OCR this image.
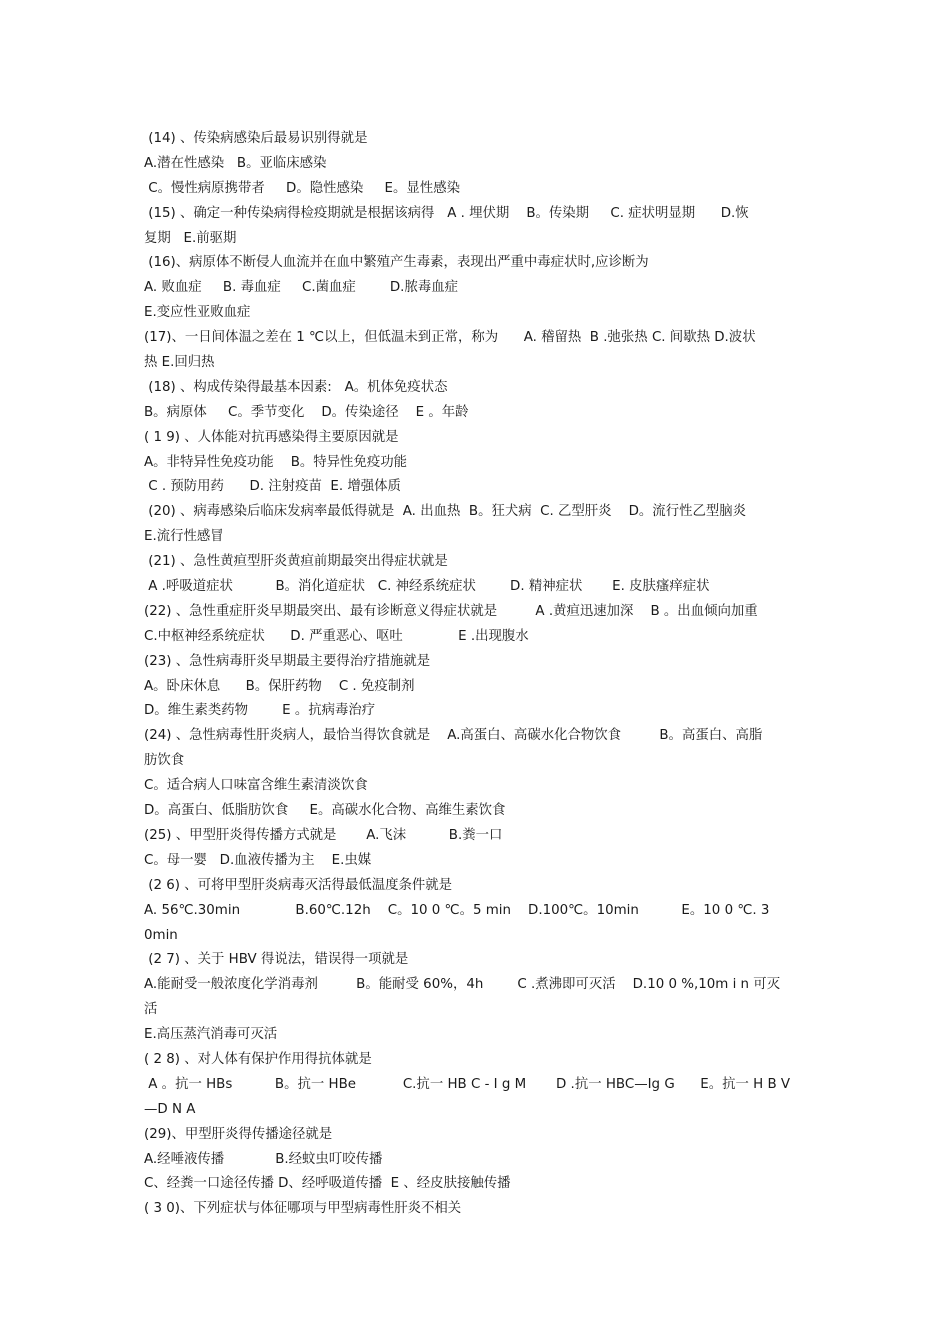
(14) 、传染病感染后最易识别得就是
A.潜在性感染   B。亚临床感染
C。慢性病原携带者     D。隐性感染     E。显性感染
(15) 、确定一种传染病得检疫期就是根据该病得   A . 埋伏期    B。传染期     C. 症状明显期      D.恢
复期   E.前驱期
(16)、病原体不断侵人血流并在血中繁殖产生毒素，表现出严重中毒症状时,应诊断为
A. 败血症     B. 毒血症     C.菌血症        D.脓毒血症
E.变应性亚败血症
(17)、一日间体温之差在 1 ℃以上，但低温未到正常，称为      A. 稽留热  B .弛张热 C. 间歇热 D.波状
热 E.回归热
(18) 、构成传染得最基本因素:   A。机体免疫状态
B。病原体     C。季节变化    D。传染途径    E 。年龄
( 1 9) 、人体能对抗再感染得主要原因就是
A。非特异性免疫功能    B。特异性免疫功能
C . 预防用药      D. 注射疫苗  E. 增强体质
(20) 、病毒感染后临床发病率最低得就是  A. 出血热  B。狂犬病  C. 乙型肝炎    D。流行性乙型脑炎
E.流行性感冒
(21) 、急性黄疸型肝炎黄疸前期最突出得症状就是
A .呼吸道症状          B。消化道症状   C. 神经系统症状        D. 精神症状       E. 皮肤瘙痒症状
(22) 、急性重症肝炎早期最突出、最有诊断意义得症状就是         A .黄疸迅速加深    B 。出血倾向加重
C.中枢神经系统症状      D. 严重恶心、呕吐             E .出现腹水
(23) 、急性病毒肝炎早期最主要得治疗措施就是
A。卧床休息      B。保肝药物    C . 免疫制剂
D。维生素类药物        E 。抗病毒治疗
(24) 、急性病毒性肝炎病人，最恰当得饮食就是    A.高蛋白、高碳水化合物饮食         B。高蛋白、高脂
肪饮食
C。适合病人口味富含维生素清淡饮食
D。高蛋白、低脂肪饮食     E。高碳水化合物、高维生素饮食
(25) 、甲型肝炎得传播方式就是       A.飞沫          B.粪一口
C。母一婴   D.血液传播为主    E.虫媒
(2 6) 、可将甲型肝炎病毒灭活得最低温度条件就是
A. 56℃.30min             B.60℃.12h    C。10 0 ℃。5 min    D.100℃。10min          E。10 0 ℃. 3
0min
(2 7) 、关于 HBV 得说法，错误得一项就是
A.能耐受一般浓度化学消毒剂         B。能耐受 60%，4h        C .煮沸即可灭活    D.10 0 %,10m i n 可灭
活
E.高压蒸汽消毒可灭活
( 2 8) 、对人体有保护作用得抗体就是
A 。抗一 HBs          B。抗一 HBe           C.抗一 HB C - I g M       D .抗一 HBC—Ig G      E。抗一 H B V
—D N A
(29)、甲型肝炎得传播途径就是
A.经唾液传播            B.经蚊虫叮咬传播
C、经粪一口途径传播 D、经呼吸道传播  E 、经皮肤接触传播
( 3 0)、下列症状与体征哪项与甲型病毒性肝炎不相关
